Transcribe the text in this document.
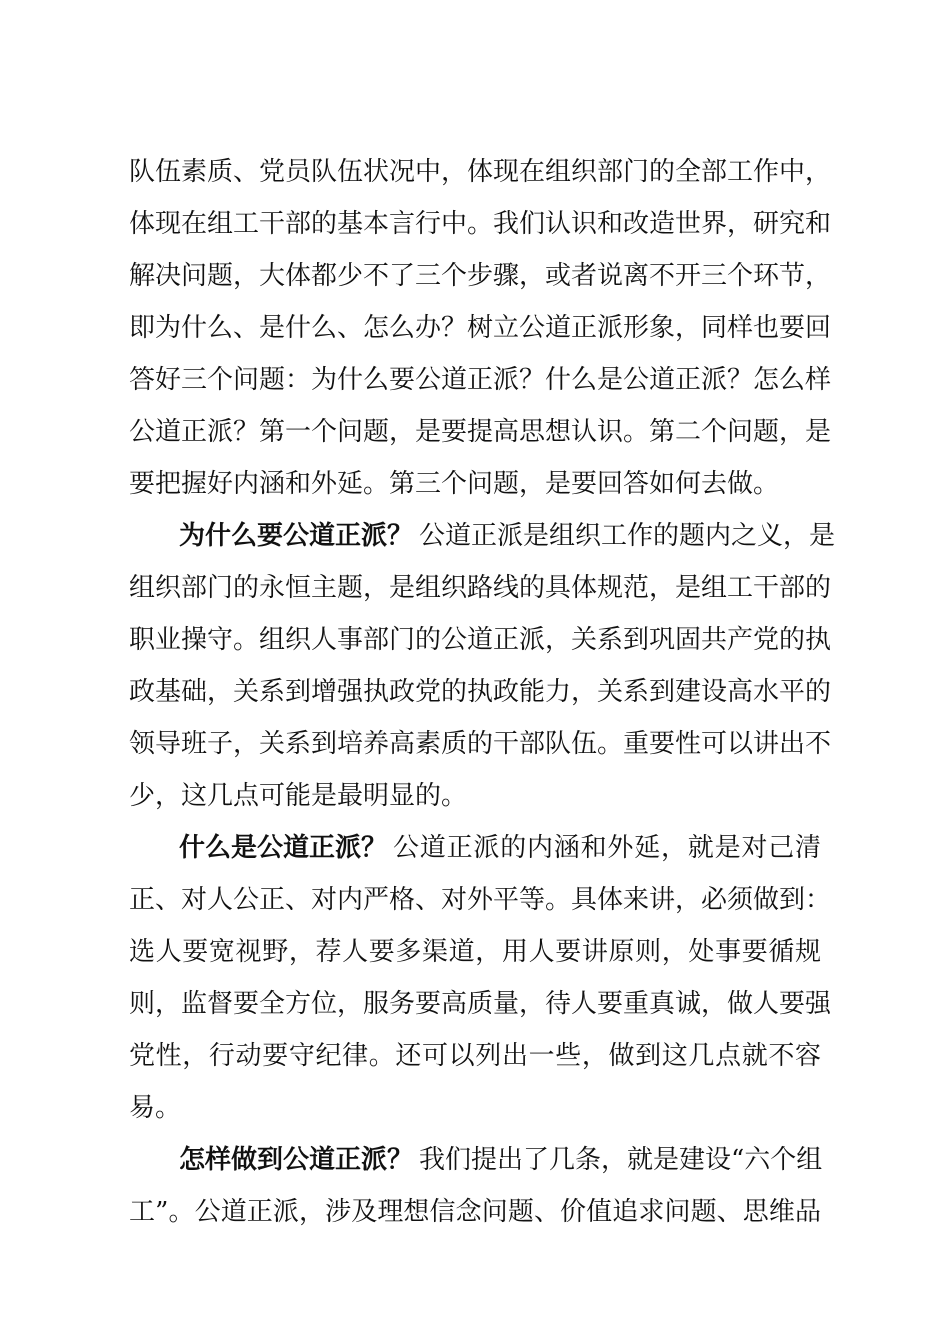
队伍素质、党员队伍状况中，体现在组织部门的全部工作中，
体现在组工干部的基本言行中。我们认识和改造世界，研究和
解决问题，大体都少不了三个步骤，或者说离不开三个环节，
即为什么、是什么、怎么办？树立公道正派形象，同样也要回
答好三个问题：为什么要公道正派？什么是公道正派？怎么样
公道正派？第一个问题，是要提高思想认识。第二个问题，是
要把握好内涵和外延。第三个问题，是要回答如何去做。
为什么要公道正派？ 公道正派是组织工作的题内之义，是
组织部门的永恒主题，是组织路线的具体规范，是组工干部的
职业操守。组织人事部门的公道正派，关系到巩固共产党的执
政基础，关系到增强执政党的执政能力，关系到建设高水平的
领导班子，关系到培养高素质的干部队伍。重要性可以讲出不
少，这几点可能是最明显的。
什么是公道正派？ 公道正派的内涵和外延，就是对己清
正、对人公正、对内严格、对外平等。具体来讲，必须做到：
选人要宽视野，荐人要多渠道，用人要讲原则，处事要循规
则，监督要全方位，服务要高质量，待人要重真诚，做人要强
党性，行动要守纪律。还可以列出一些，做到这几点就不容
易。
怎样做到公道正派？ 我们提出了几条，就是建设“六个组
工”。公道正派，涉及理想信念问题、价值追求问题、思维品
